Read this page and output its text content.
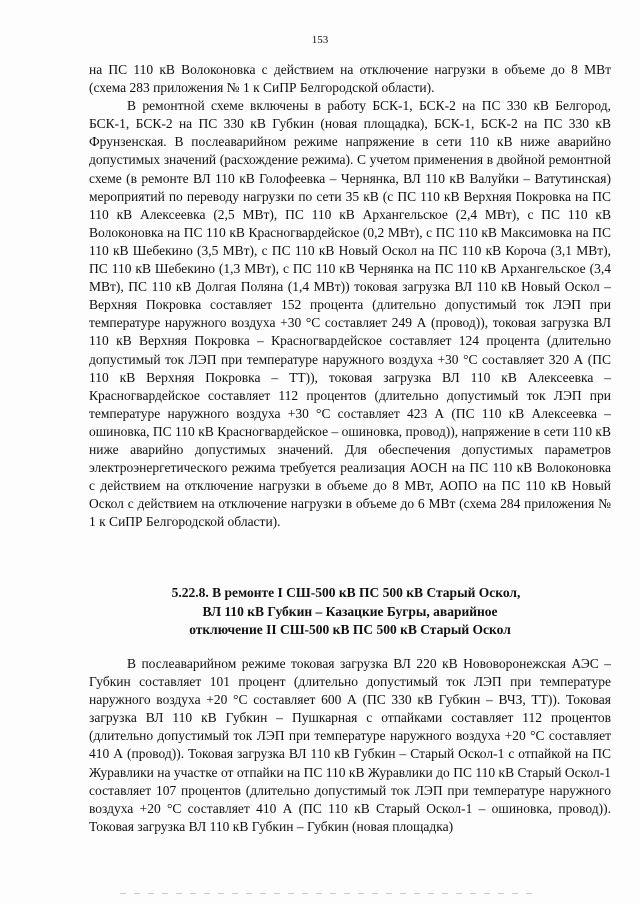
153

на ПС 110 кВ Волоконовка с действием на отключение нагрузки в объеме до 8 МВт (схема 283 приложения № 1 к СиПР Белгородской области).

В ремонтной схеме включены в работу БСК-1, БСК-2 на ПС 330 кВ Белгород, БСК-1, БСК-2 на ПС 330 кВ Губкин (новая площадка), БСК-1, БСК-2 на ПС 330 кВ Фрунзенская. В послеаварийном режиме напряжение в сети 110 кВ ниже аварийно допустимых значений (расхождение режима). С учетом применения в двойной ремонтной схеме (в ремонте ВЛ 110 кВ Голофеевка – Чернянка, ВЛ 110 кВ Валуйки – Ватутинская) мероприятий по переводу нагрузки по сети 35 кВ (с ПС 110 кВ Верхняя Покровка на ПС 110 кВ Алексеевка (2,5 МВт), ПС 110 кВ Архангельское (2,4 МВт), с ПС 110 кВ Волоконовка на ПС 110 кВ Красногвардейское (0,2 МВт), с ПС 110 кВ Максимовка на ПС 110 кВ Шебекино (3,5 МВт), с ПС 110 кВ Новый Оскол на ПС 110 кВ Короча (3,1 МВт), ПС 110 кВ Шебекино (1,3 МВт), с ПС 110 кВ Чернянка на ПС 110 кВ Архангельское (3,4 МВт), ПС 110 кВ Долгая Поляна (1,4 МВт)) токовая загрузка ВЛ 110 кВ Новый Оскол – Верхняя Покровка составляет 152 процента (длительно допустимый ток ЛЭП при температуре наружного воздуха +30 °С составляет 249 А (провод)), токовая загрузка ВЛ 110 кВ Верхняя Покровка – Красногвардейское составляет 124 процента (длительно допустимый ток ЛЭП при температуре наружного воздуха +30 °С составляет 320 А (ПС 110 кВ Верхняя Покровка – ТТ)), токовая загрузка ВЛ 110 кВ Алексеевка – Красногвардейское составляет 112 процентов (длительно допустимый ток ЛЭП при температуре наружного воздуха +30 °С составляет 423 А (ПС 110 кВ Алексеевка – ошиновка, ПС 110 кВ Красногвардейское – ошиновка, провод)), напряжение в сети 110 кВ ниже аварийно допустимых значений. Для обеспечения допустимых параметров электроэнергетического режима требуется реализация АОСН на ПС 110 кВ Волоконовка с действием на отключение нагрузки в объеме до 8 МВт, АОПО на ПС 110 кВ Новый Оскол с действием на отключение нагрузки в объеме до 6 МВт (схема 284 приложения № 1 к СиПР Белгородской области).

5.22.8. В ремонте I СШ-500 кВ ПС 500 кВ Старый Оскол,
ВЛ 110 кВ Губкин – Казацкие Бугры, аварийное
отключение II СШ-500 кВ ПС 500 кВ Старый Оскол

В послеаварийном режиме токовая загрузка ВЛ 220 кВ Нововоронежская АЭС – Губкин составляет 101 процент (длительно допустимый ток ЛЭП при температуре наружного воздуха +20 °С составляет 600 А (ПС 330 кВ Губкин – ВЧЗ, ТТ)). Токовая загрузка ВЛ 110 кВ Губкин – Пушкарная с отпайками составляет 112 процентов (длительно допустимый ток ЛЭП при температуре наружного воздуха +20 °С составляет 410 А (провод)). Токовая загрузка ВЛ 110 кВ Губкин – Старый Оскол-1 с отпайкой на ПС Журавлики на участке от отпайки на ПС 110 кВ Журавлики до ПС 110 кВ Старый Оскол-1 составляет 107 процентов (длительно допустимый ток ЛЭП при температуре наружного воздуха +20 °С составляет 410 А (ПС 110 кВ Старый Оскол-1 – ошиновка, провод)). Токовая загрузка ВЛ 110 кВ Губкин – Губкин (новая площадка)
